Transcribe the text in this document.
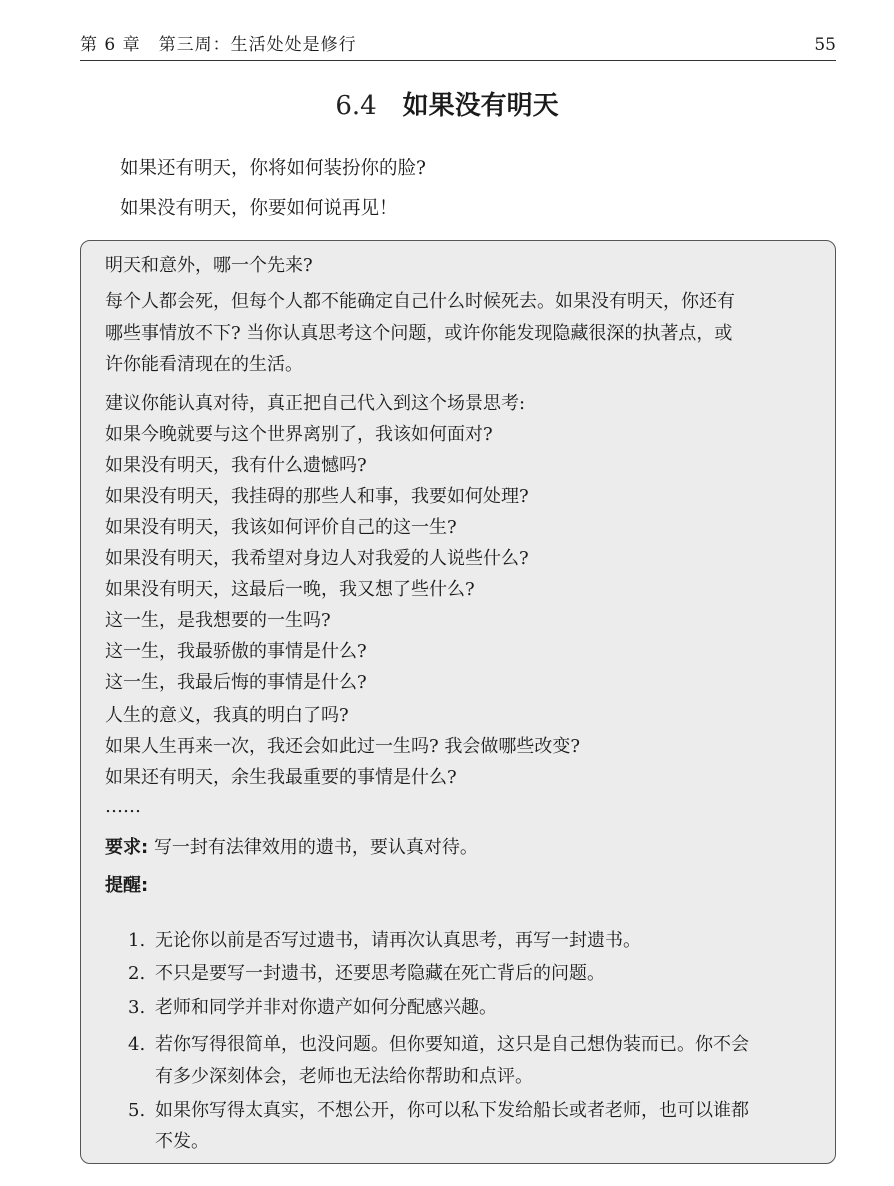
第 6 章　第三周：生活处处是修行	55
6.4 如果没有明天
如果还有明天，你将如何装扮你的脸?
如果没有明天，你要如何说再见！
明天和意外，哪一个先来?
每个人都会死，但每个人都不能确定自己什么时候死去。如果没有明天，你还有
哪些事情放不下? 当你认真思考这个问题，或许你能发现隐藏很深的执著点，或
许你能看清现在的生活。
建议你能认真对待，真正把自己代入到这个场景思考:
如果今晚就要与这个世界离别了，我该如何面对?
如果没有明天，我有什么遗憾吗?
如果没有明天，我挂碍的那些人和事，我要如何处理?
如果没有明天，我该如何评价自己的这一生?
如果没有明天，我希望对身边人对我爱的人说些什么?
如果没有明天，这最后一晚，我又想了些什么?
这一生，是我想要的一生吗?
这一生，我最骄傲的事情是什么?
这一生，我最后悔的事情是什么?
人生的意义，我真的明白了吗?
如果人生再来一次，我还会如此过一生吗? 我会做哪些改变?
如果还有明天，余生我最重要的事情是什么?
……
要求: 写一封有法律效用的遗书，要认真对待。
提醒:
1. 无论你以前是否写过遗书，请再次认真思考，再写一封遗书。
2. 不只是要写一封遗书，还要思考隐藏在死亡背后的问题。
3. 老师和同学并非对你遗产如何分配感兴趣。
4. 若你写得很简单，也没问题。但你要知道，这只是自己想伪装而已。你不会
有多少深刻体会，老师也无法给你帮助和点评。
5. 如果你写得太真实，不想公开，你可以私下发给船长或者老师，也可以谁都
不发。
